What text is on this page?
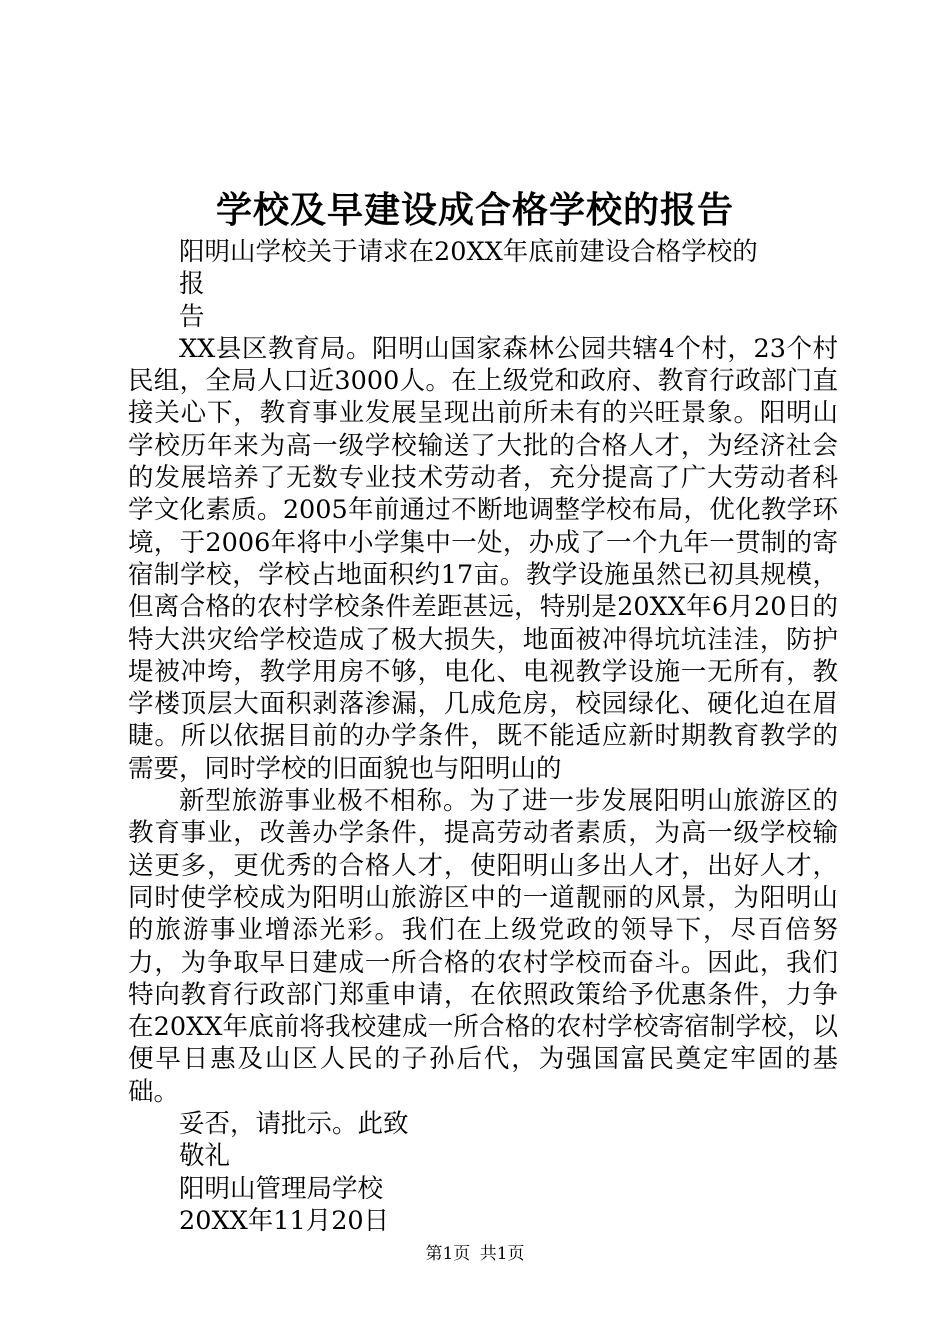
学校及早建设成合格学校的报告

阳明山学校关于请求在20XX年底前建设合格学校的

报

告

XX县区教育局。阳明山国家森林公园共辖4个村，23个村民组，全局人口近3000人。在上级党和政府、教育行政部门直接关心下，教育事业发展呈现出前所未有的兴旺景象。阳明山学校历年来为高一级学校输送了大批的合格人才，为经济社会的发展培养了无数专业技术劳动者，充分提高了广大劳动者科学文化素质。2005年前通过不断地调整学校布局，优化教学环境，于2006年将中小学集中一处，办成了一个九年一贯制的寄宿制学校，学校占地面积约17亩。教学设施虽然已初具规模，但离合格的农村学校条件差距甚远，特别是20XX年6月20日的特大洪灾给学校造成了极大损失，地面被冲得坑坑洼洼，防护堤被冲垮，教学用房不够，电化、电视教学设施一无所有，教学楼顶层大面积剥落渗漏，几成危房，校园绿化、硬化迫在眉睫。所以依据目前的办学条件，既不能适应新时期教育教学的需要，同时学校的旧面貌也与阳明山的

新型旅游事业极不相称。为了进一步发展阳明山旅游区的教育事业，改善办学条件，提高劳动者素质，为高一级学校输送更多，更优秀的合格人才，使阳明山多出人才，出好人才，同时使学校成为阳明山旅游区中的一道靓丽的风景，为阳明山的旅游事业增添光彩。我们在上级党政的领导下，尽百倍努力，为争取早日建成一所合格的农村学校而奋斗。因此，我们特向教育行政部门郑重申请，在依照政策给予优惠条件，力争在20XX年底前将我校建成一所合格的农村学校寄宿制学校，以便早日惠及山区人民的子孙后代，为强国富民奠定牢固的基础。

妥否，请批示。此致

敬礼

阳明山管理局学校

20XX年11月20日

第1页 共1页
